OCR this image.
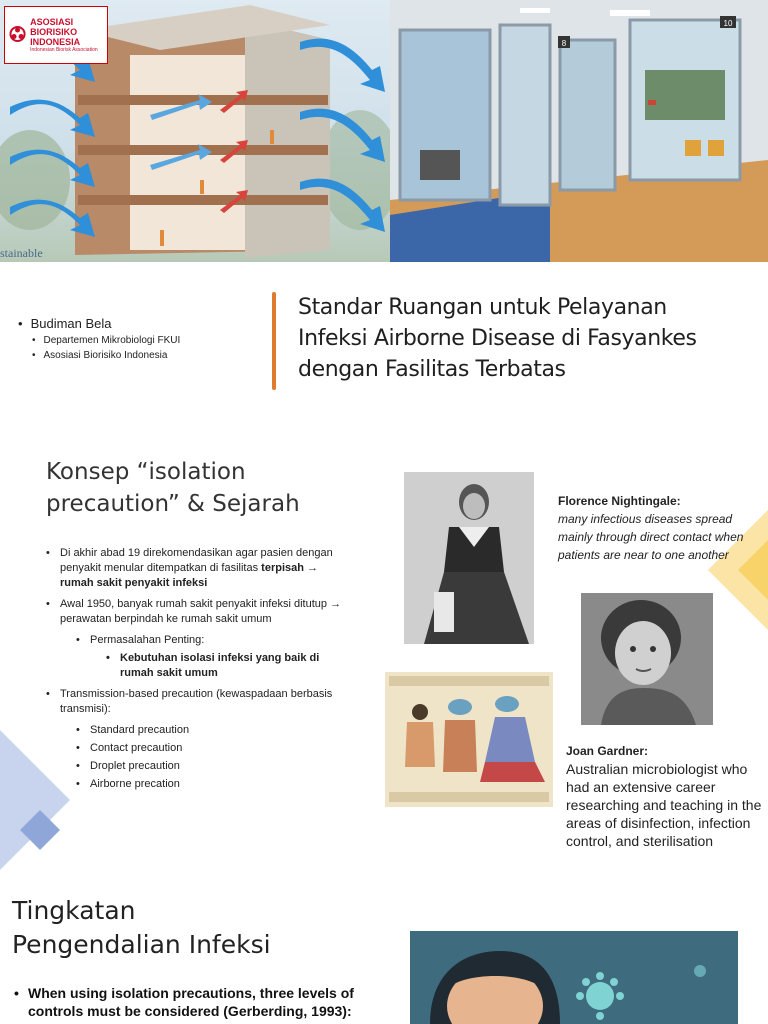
8
10
ASOSIASI BIORISIKO INDONESIA
Indonesian Biorisk Association
stainable
• Budiman Bela
• Departemen Mikrobiologi FKUI
• Asosiasi Biorisiko Indonesia
Standar Ruangan untuk Pelayanan Infeksi Airborne Disease di Fasyankes dengan Fasilitas Terbatas
Konsep “isolation precaution” & Sejarah
• Di akhir abad 19 direkomendasikan agar pasien dengan penyakit menular ditempatkan di fasilitas terpisah → rumah sakit penyakit infeksi
• Awal 1950, banyak rumah sakit penyakit infeksi ditutup → perawatan berpindah ke rumah sakit umum
• Permasalahan Penting:
• Kebutuhan isolasi infeksi yang baik di rumah sakit umum
• Transmission-based precaution (kewaspadaan berbasis transmisi):
• Standard precaution
• Contact precaution
• Droplet precaution
• Airborne precation
Florence Nightingale:
many infectious diseases spread mainly through direct contact when patients are near to one another
Joan Gardner:
Australian microbiologist who had an extensive career researching and teaching in the areas of disinfection, infection control, and sterilisation
Tingkatan
Pengendalian Infeksi
• When using isolation precautions, three levels of controls must be considered (Gerberding, 1993):
